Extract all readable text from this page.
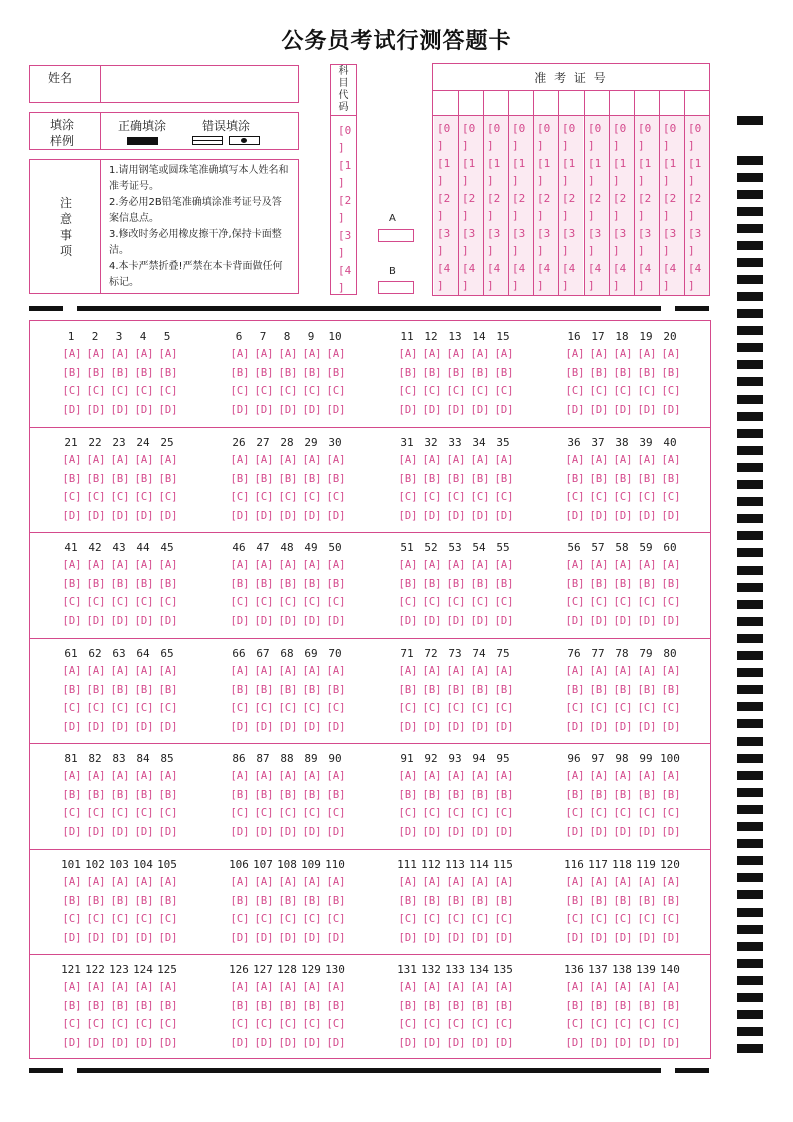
公务员考试行测答题卡
姓名
填涂
样例
正确填涂	错误填涂
注
意
事
项
1.请用钢笔或圆珠笔准确填写本人姓名和准考证号。
2.务必用2B铅笔准确填涂准考证号及答案信息点。
3.修改时务必用橡皮擦干净,保持卡面整洁。
4.本卡严禁折叠!严禁在本卡背面做任何标记。
科
目
代
码
[0
]
[1
]
[2
]
[3
]
[4
]
A
B
准 考 证 号
[0
]
[1
]
[2
]
[3
]
[4
]
[0
]
[1
]
[2
]
[3
]
[4
]
[0
]
[1
]
[2
]
[3
]
[4
]
[0
]
[1
]
[2
]
[3
]
[4
]
[0
]
[1
]
[2
]
[3
]
[4
]
[0
]
[1
]
[2
]
[3
]
[4
]
[0
]
[1
]
[2
]
[3
]
[4
]
[0
]
[1
]
[2
]
[3
]
[4
]
[0
]
[1
]
[2
]
[3
]
[4
]
[0
]
[1
]
[2
]
[3
]
[4
]
[0
]
[1
]
[2
]
[3
]
[4
]
1
[A]
[B]
[C]
[D]
2
[A]
[B]
[C]
[D]
3
[A]
[B]
[C]
[D]
4
[A]
[B]
[C]
[D]
5
[A]
[B]
[C]
[D]
6
[A]
[B]
[C]
[D]
7
[A]
[B]
[C]
[D]
8
[A]
[B]
[C]
[D]
9
[A]
[B]
[C]
[D]
10
[A]
[B]
[C]
[D]
11
[A]
[B]
[C]
[D]
12
[A]
[B]
[C]
[D]
13
[A]
[B]
[C]
[D]
14
[A]
[B]
[C]
[D]
15
[A]
[B]
[C]
[D]
16
[A]
[B]
[C]
[D]
17
[A]
[B]
[C]
[D]
18
[A]
[B]
[C]
[D]
19
[A]
[B]
[C]
[D]
20
[A]
[B]
[C]
[D]
21
[A]
[B]
[C]
[D]
22
[A]
[B]
[C]
[D]
23
[A]
[B]
[C]
[D]
24
[A]
[B]
[C]
[D]
25
[A]
[B]
[C]
[D]
26
[A]
[B]
[C]
[D]
27
[A]
[B]
[C]
[D]
28
[A]
[B]
[C]
[D]
29
[A]
[B]
[C]
[D]
30
[A]
[B]
[C]
[D]
31
[A]
[B]
[C]
[D]
32
[A]
[B]
[C]
[D]
33
[A]
[B]
[C]
[D]
34
[A]
[B]
[C]
[D]
35
[A]
[B]
[C]
[D]
36
[A]
[B]
[C]
[D]
37
[A]
[B]
[C]
[D]
38
[A]
[B]
[C]
[D]
39
[A]
[B]
[C]
[D]
40
[A]
[B]
[C]
[D]
41
[A]
[B]
[C]
[D]
42
[A]
[B]
[C]
[D]
43
[A]
[B]
[C]
[D]
44
[A]
[B]
[C]
[D]
45
[A]
[B]
[C]
[D]
46
[A]
[B]
[C]
[D]
47
[A]
[B]
[C]
[D]
48
[A]
[B]
[C]
[D]
49
[A]
[B]
[C]
[D]
50
[A]
[B]
[C]
[D]
51
[A]
[B]
[C]
[D]
52
[A]
[B]
[C]
[D]
53
[A]
[B]
[C]
[D]
54
[A]
[B]
[C]
[D]
55
[A]
[B]
[C]
[D]
56
[A]
[B]
[C]
[D]
57
[A]
[B]
[C]
[D]
58
[A]
[B]
[C]
[D]
59
[A]
[B]
[C]
[D]
60
[A]
[B]
[C]
[D]
61
[A]
[B]
[C]
[D]
62
[A]
[B]
[C]
[D]
63
[A]
[B]
[C]
[D]
64
[A]
[B]
[C]
[D]
65
[A]
[B]
[C]
[D]
66
[A]
[B]
[C]
[D]
67
[A]
[B]
[C]
[D]
68
[A]
[B]
[C]
[D]
69
[A]
[B]
[C]
[D]
70
[A]
[B]
[C]
[D]
71
[A]
[B]
[C]
[D]
72
[A]
[B]
[C]
[D]
73
[A]
[B]
[C]
[D]
74
[A]
[B]
[C]
[D]
75
[A]
[B]
[C]
[D]
76
[A]
[B]
[C]
[D]
77
[A]
[B]
[C]
[D]
78
[A]
[B]
[C]
[D]
79
[A]
[B]
[C]
[D]
80
[A]
[B]
[C]
[D]
81
[A]
[B]
[C]
[D]
82
[A]
[B]
[C]
[D]
83
[A]
[B]
[C]
[D]
84
[A]
[B]
[C]
[D]
85
[A]
[B]
[C]
[D]
86
[A]
[B]
[C]
[D]
87
[A]
[B]
[C]
[D]
88
[A]
[B]
[C]
[D]
89
[A]
[B]
[C]
[D]
90
[A]
[B]
[C]
[D]
91
[A]
[B]
[C]
[D]
92
[A]
[B]
[C]
[D]
93
[A]
[B]
[C]
[D]
94
[A]
[B]
[C]
[D]
95
[A]
[B]
[C]
[D]
96
[A]
[B]
[C]
[D]
97
[A]
[B]
[C]
[D]
98
[A]
[B]
[C]
[D]
99
[A]
[B]
[C]
[D]
100
[A]
[B]
[C]
[D]
101
[A]
[B]
[C]
[D]
102
[A]
[B]
[C]
[D]
103
[A]
[B]
[C]
[D]
104
[A]
[B]
[C]
[D]
105
[A]
[B]
[C]
[D]
106
[A]
[B]
[C]
[D]
107
[A]
[B]
[C]
[D]
108
[A]
[B]
[C]
[D]
109
[A]
[B]
[C]
[D]
110
[A]
[B]
[C]
[D]
111
[A]
[B]
[C]
[D]
112
[A]
[B]
[C]
[D]
113
[A]
[B]
[C]
[D]
114
[A]
[B]
[C]
[D]
115
[A]
[B]
[C]
[D]
116
[A]
[B]
[C]
[D]
117
[A]
[B]
[C]
[D]
118
[A]
[B]
[C]
[D]
119
[A]
[B]
[C]
[D]
120
[A]
[B]
[C]
[D]
121
[A]
[B]
[C]
[D]
122
[A]
[B]
[C]
[D]
123
[A]
[B]
[C]
[D]
124
[A]
[B]
[C]
[D]
125
[A]
[B]
[C]
[D]
126
[A]
[B]
[C]
[D]
127
[A]
[B]
[C]
[D]
128
[A]
[B]
[C]
[D]
129
[A]
[B]
[C]
[D]
130
[A]
[B]
[C]
[D]
131
[A]
[B]
[C]
[D]
132
[A]
[B]
[C]
[D]
133
[A]
[B]
[C]
[D]
134
[A]
[B]
[C]
[D]
135
[A]
[B]
[C]
[D]
136
[A]
[B]
[C]
[D]
137
[A]
[B]
[C]
[D]
138
[A]
[B]
[C]
[D]
139
[A]
[B]
[C]
[D]
140
[A]
[B]
[C]
[D]
